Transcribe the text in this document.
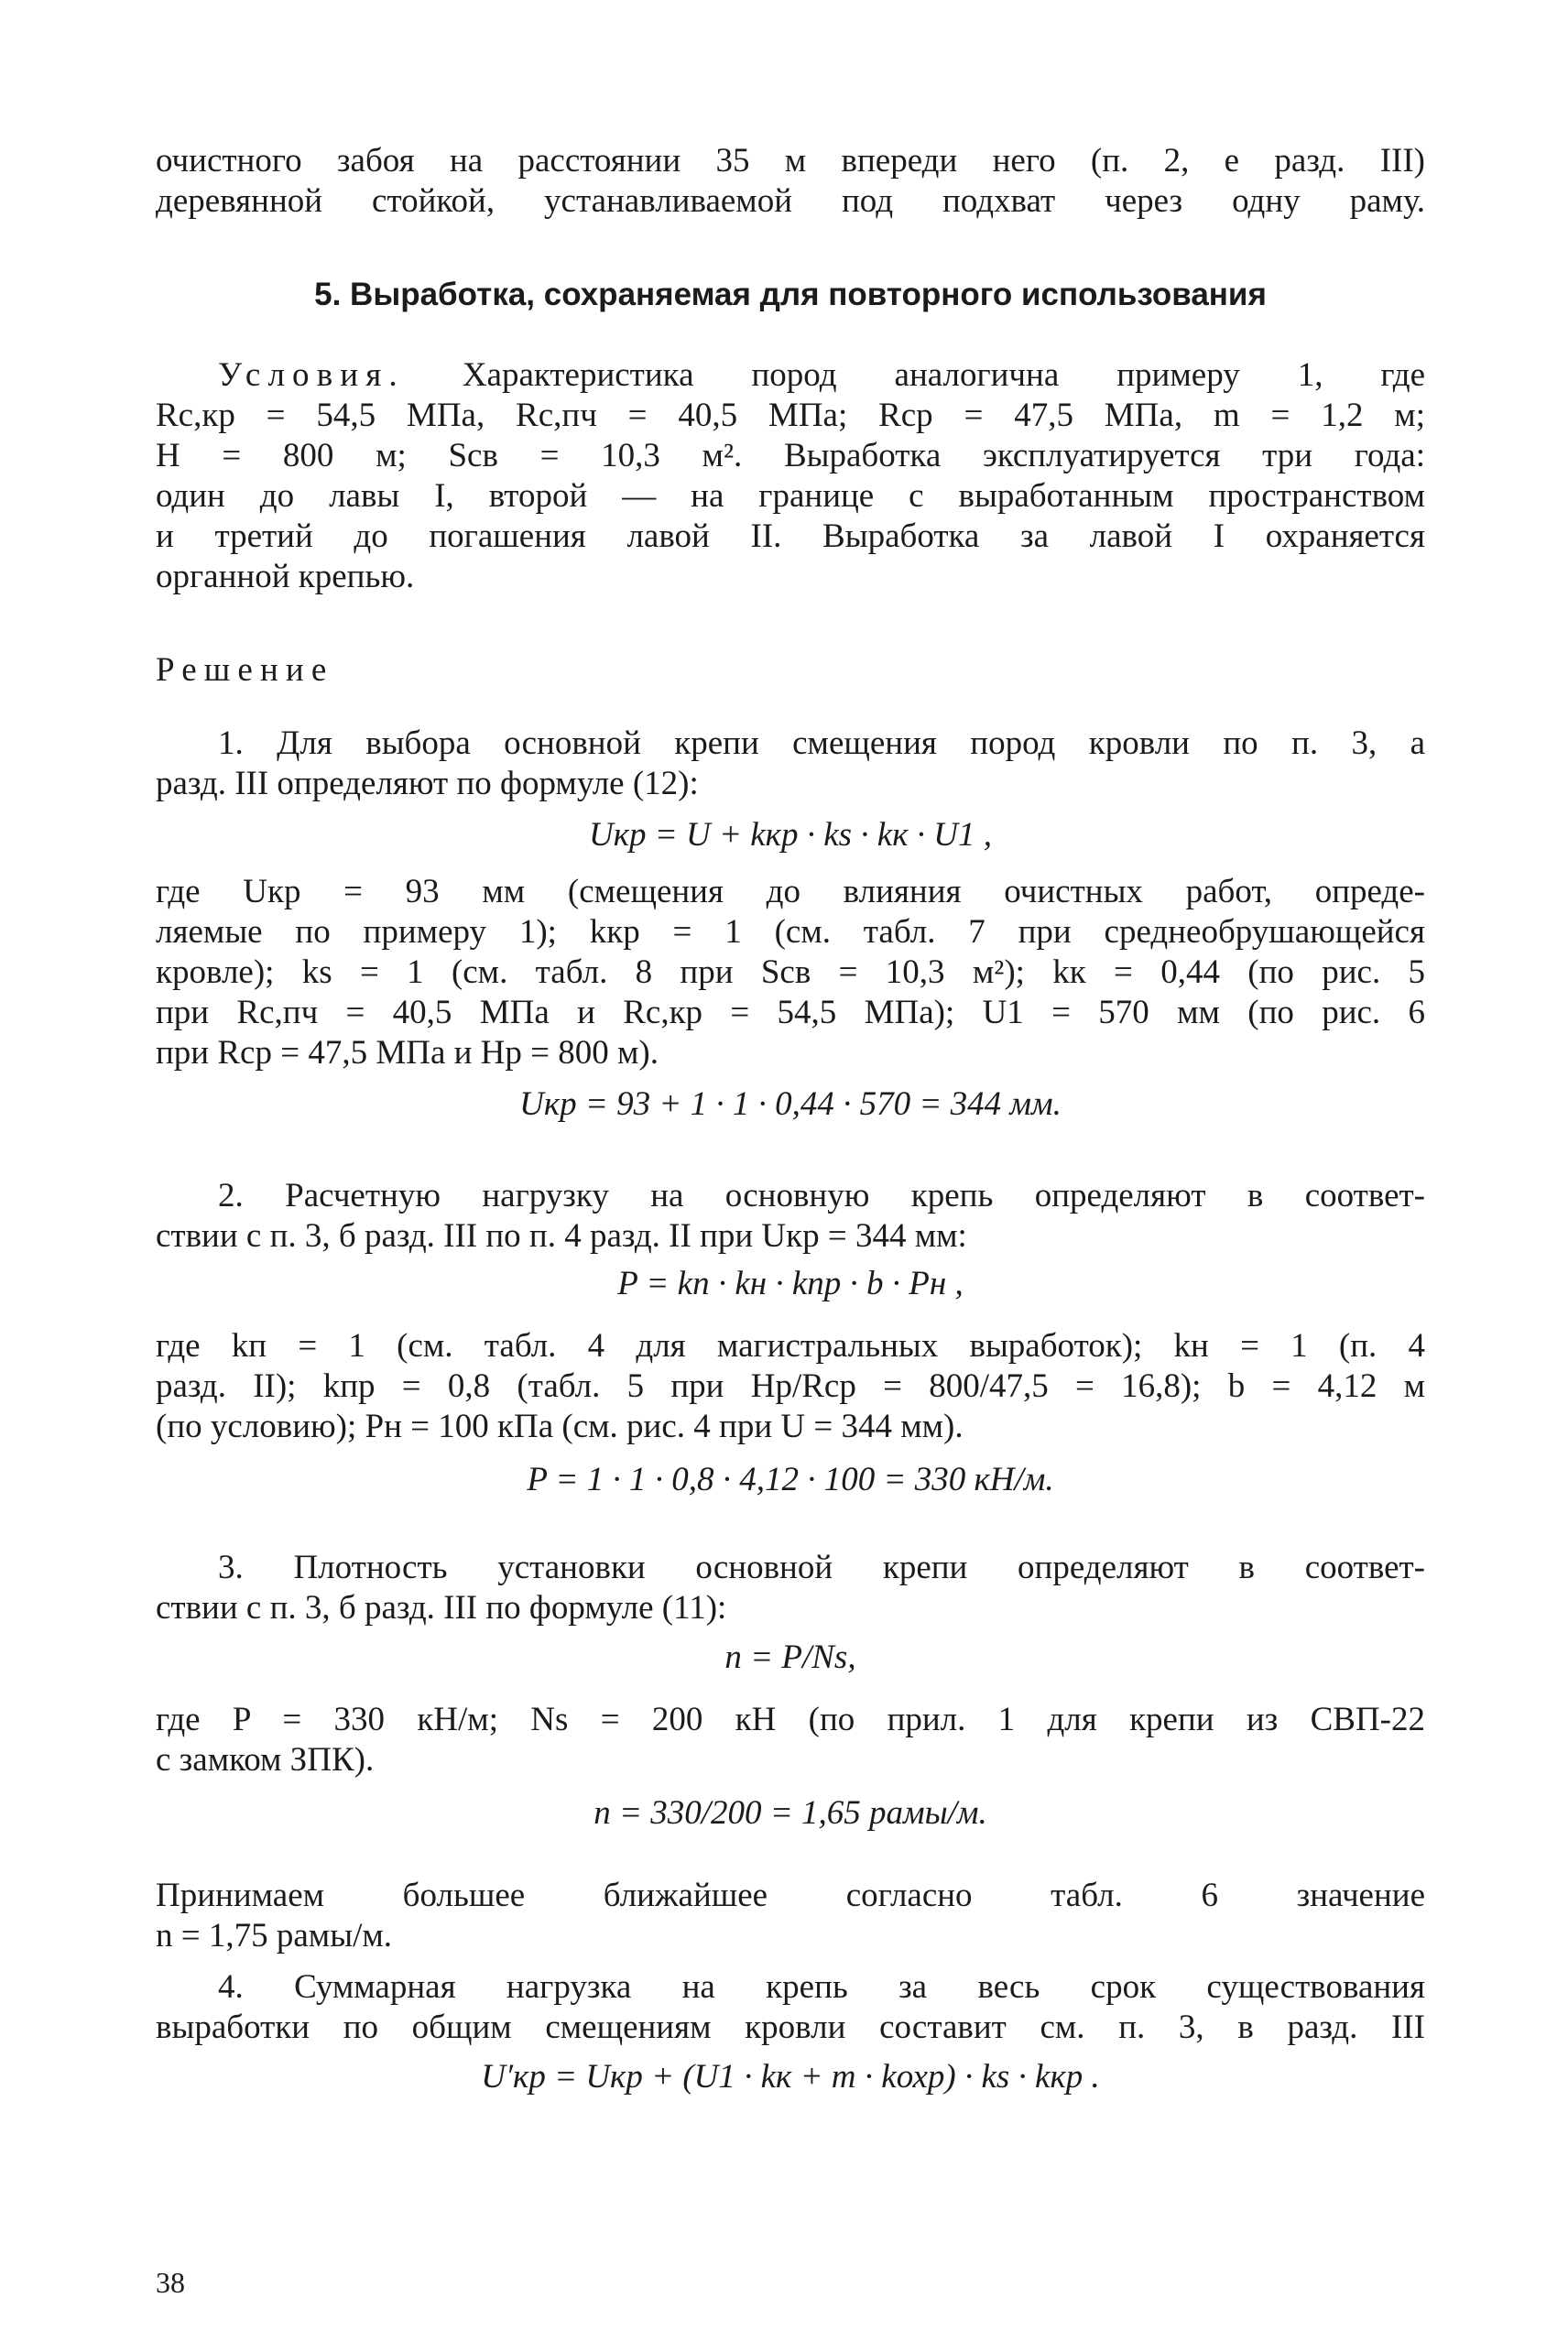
очистного забоя на расстоянии 35 м впереди него (п. 2, е разд. III)

деревянной стойкой, устанавливаемой под подхват через одну раму.

5. Выработка, сохраняемая для повторного использования

Условия. Характеристика пород аналогична примеру 1, где

Rс,кр = 54,5 МПа, Rс,пч = 40,5 МПа; Rср = 47,5 МПа, m = 1,2 м;

H = 800 м; Sсв = 10,3 м². Выработка эксплуатируется три года:

один до лавы I, второй — на границе с выработанным пространством

и третий до погашения лавой II. Выработка за лавой I охраняется

органной крепью.

Решение

1. Для выбора основной крепи смещения пород кровли по п. 3, а

разд. III определяют по формуле (12):

Uкр = U + kкр · ks · kк · U1 ,

где Uкр = 93 мм (смещения до влияния очистных работ, опреде-

ляемые по примеру 1); kкр = 1 (см. табл. 7 при среднеобрушающейся

кровле); ks = 1 (см. табл. 8 при Sсв = 10,3 м²); kк = 0,44 (по рис. 5

при Rс,пч = 40,5 МПа и Rс,кр = 54,5 МПа); U1 = 570 мм (по рис. 6

при Rср = 47,5 МПа и Hр = 800 м).

Uкр = 93 + 1 · 1 · 0,44 · 570 = 344 мм.

2. Расчетную нагрузку на основную крепь определяют в соответ-

ствии с п. 3, б разд. III по п. 4 разд. II при Uкр = 344 мм:

P = kп · kн · kпр · b · Pн ,

где kп = 1 (см. табл. 4 для магистральных выработок); kн = 1 (п. 4

разд. II); kпр = 0,8 (табл. 5 при Hр/Rср = 800/47,5 = 16,8); b = 4,12 м

(по условию); Pн = 100 кПа (см. рис. 4 при U = 344 мм).

P = 1 · 1 · 0,8 · 4,12 · 100 = 330 кН/м.

3. Плотность установки основной крепи определяют в соответ-

ствии с п. 3, б разд. III по формуле (11):

n = P/Ns,

где P = 330 кН/м; Ns = 200 кН (по прил. 1 для крепи из СВП-22

с замком ЗПК).

n = 330/200 = 1,65 рамы/м.

Принимаем большее ближайшее согласно табл. 6 значение

n = 1,75 рамы/м.

4. Суммарная нагрузка на крепь за весь срок существования

выработки по общим смещениям кровли составит см. п. 3, в разд. III

U′кр = Uкр + (U1 · kк + m · kохр) · ks · kкр .

38
